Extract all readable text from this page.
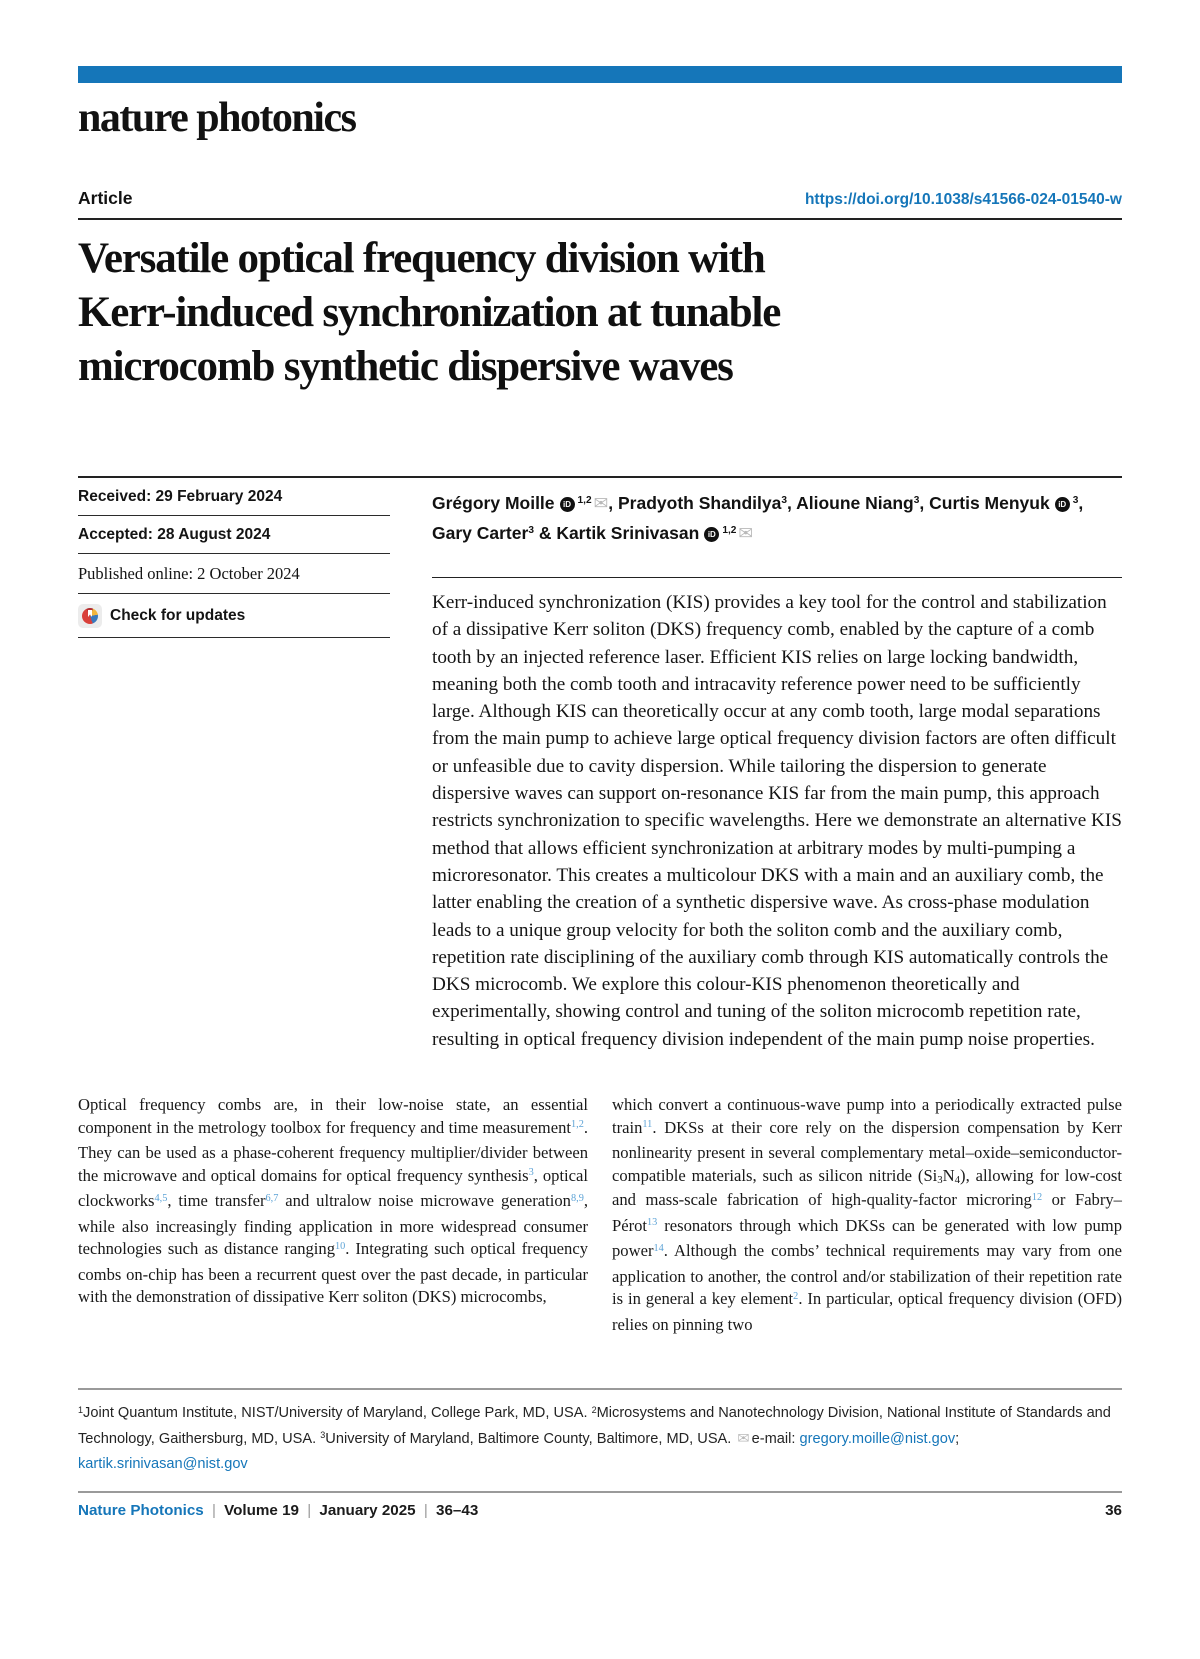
nature photonics
Article	https://doi.org/10.1038/s41566-024-01540-w
Versatile optical frequency division with
Kerr-induced synchronization at tunable
microcomb synthetic dispersive waves
Received: 29 February 2024
Accepted: 28 August 2024
Published online: 2 October 2024
Check for updates
Grégory Moille iD $^{1,2}$ ✉, Pradyoth Shandilya$^3$, Alioune Niang$^3$, Curtis Menyuk iD $^3$, Gary Carter$^3$ & Kartik Srinivasan iD $^{1,2}$ ✉

Kerr-induced synchronization (KIS) provides a key tool for the control and stabilization of a dissipative Kerr soliton (DKS) frequency comb, enabled by the capture of a comb tooth by an injected reference laser. Efficient KIS relies on large locking bandwidth, meaning both the comb tooth and intracavity reference power need to be sufficiently large. Although KIS can theoretically occur at any comb tooth, large modal separations from the main pump to achieve large optical frequency division factors are often difficult or unfeasible due to cavity dispersion. While tailoring the dispersion to generate dispersive waves can support on-resonance KIS far from the main pump, this approach restricts synchronization to specific wavelengths. Here we demonstrate an alternative KIS method that allows efficient synchronization at arbitrary modes by multi-pumping a microresonator. This creates a multicolour DKS with a main and an auxiliary comb, the latter enabling the creation of a synthetic dispersive wave. As cross-phase modulation leads to a unique group velocity for both the soliton comb and the auxiliary comb, repetition rate disciplining of the auxiliary comb through KIS automatically controls the DKS microcomb. We explore this colour-KIS phenomenon theoretically and experimentally, showing control and tuning of the soliton microcomb repetition rate, resulting in optical frequency division independent of the main pump noise properties.

Optical frequency combs are, in their low-noise state, an essential component in the metrology toolbox for frequency and time measurement$^{1,2}$. They can be used as a phase-coherent frequency multiplier/divider between the microwave and optical domains for optical frequency synthesis$^3$, optical clockworks$^{4,5}$, time transfer$^{6,7}$ and ultralow noise microwave generation$^{8,9}$, while also increasingly finding application in more widespread consumer technologies such as distance ranging$^{10}$. Integrating such optical frequency combs on-chip has been a recurrent quest over the past decade, in particular with the demonstration of dissipative Kerr soliton (DKS) microcombs,

which convert a continuous-wave pump into a periodically extracted pulse train$^{11}$. DKSs at their core rely on the dispersion compensation by Kerr nonlinearity present in several complementary metal–oxide–semiconductor-compatible materials, such as silicon nitride $(Si_3N_4)$, allowing for low-cost and mass-scale fabrication of high-quality-factor microring$^{12}$ or Fabry–Pérot$^{13}$ resonators through which DKSs can be generated with low pump power$^{14}$. Although the combs’ technical requirements may vary from one application to another, the control and/or stabilization of their repetition rate is in general a key element$^2$. In particular, optical frequency division (OFD) relies on pinning two

$^1$Joint Quantum Institute, NIST/University of Maryland, College Park, MD, USA. $^2$Microsystems and Nanotechnology Division, National Institute of Standards and Technology, Gaithersburg, MD, USA. $^3$University of Maryland, Baltimore County, Baltimore, MD, USA. ✉ e-mail: gregory.moille@nist.gov; kartik.srinivasan@nist.gov
Nature Photonics | Volume 19 | January 2025 | 36–43	36
